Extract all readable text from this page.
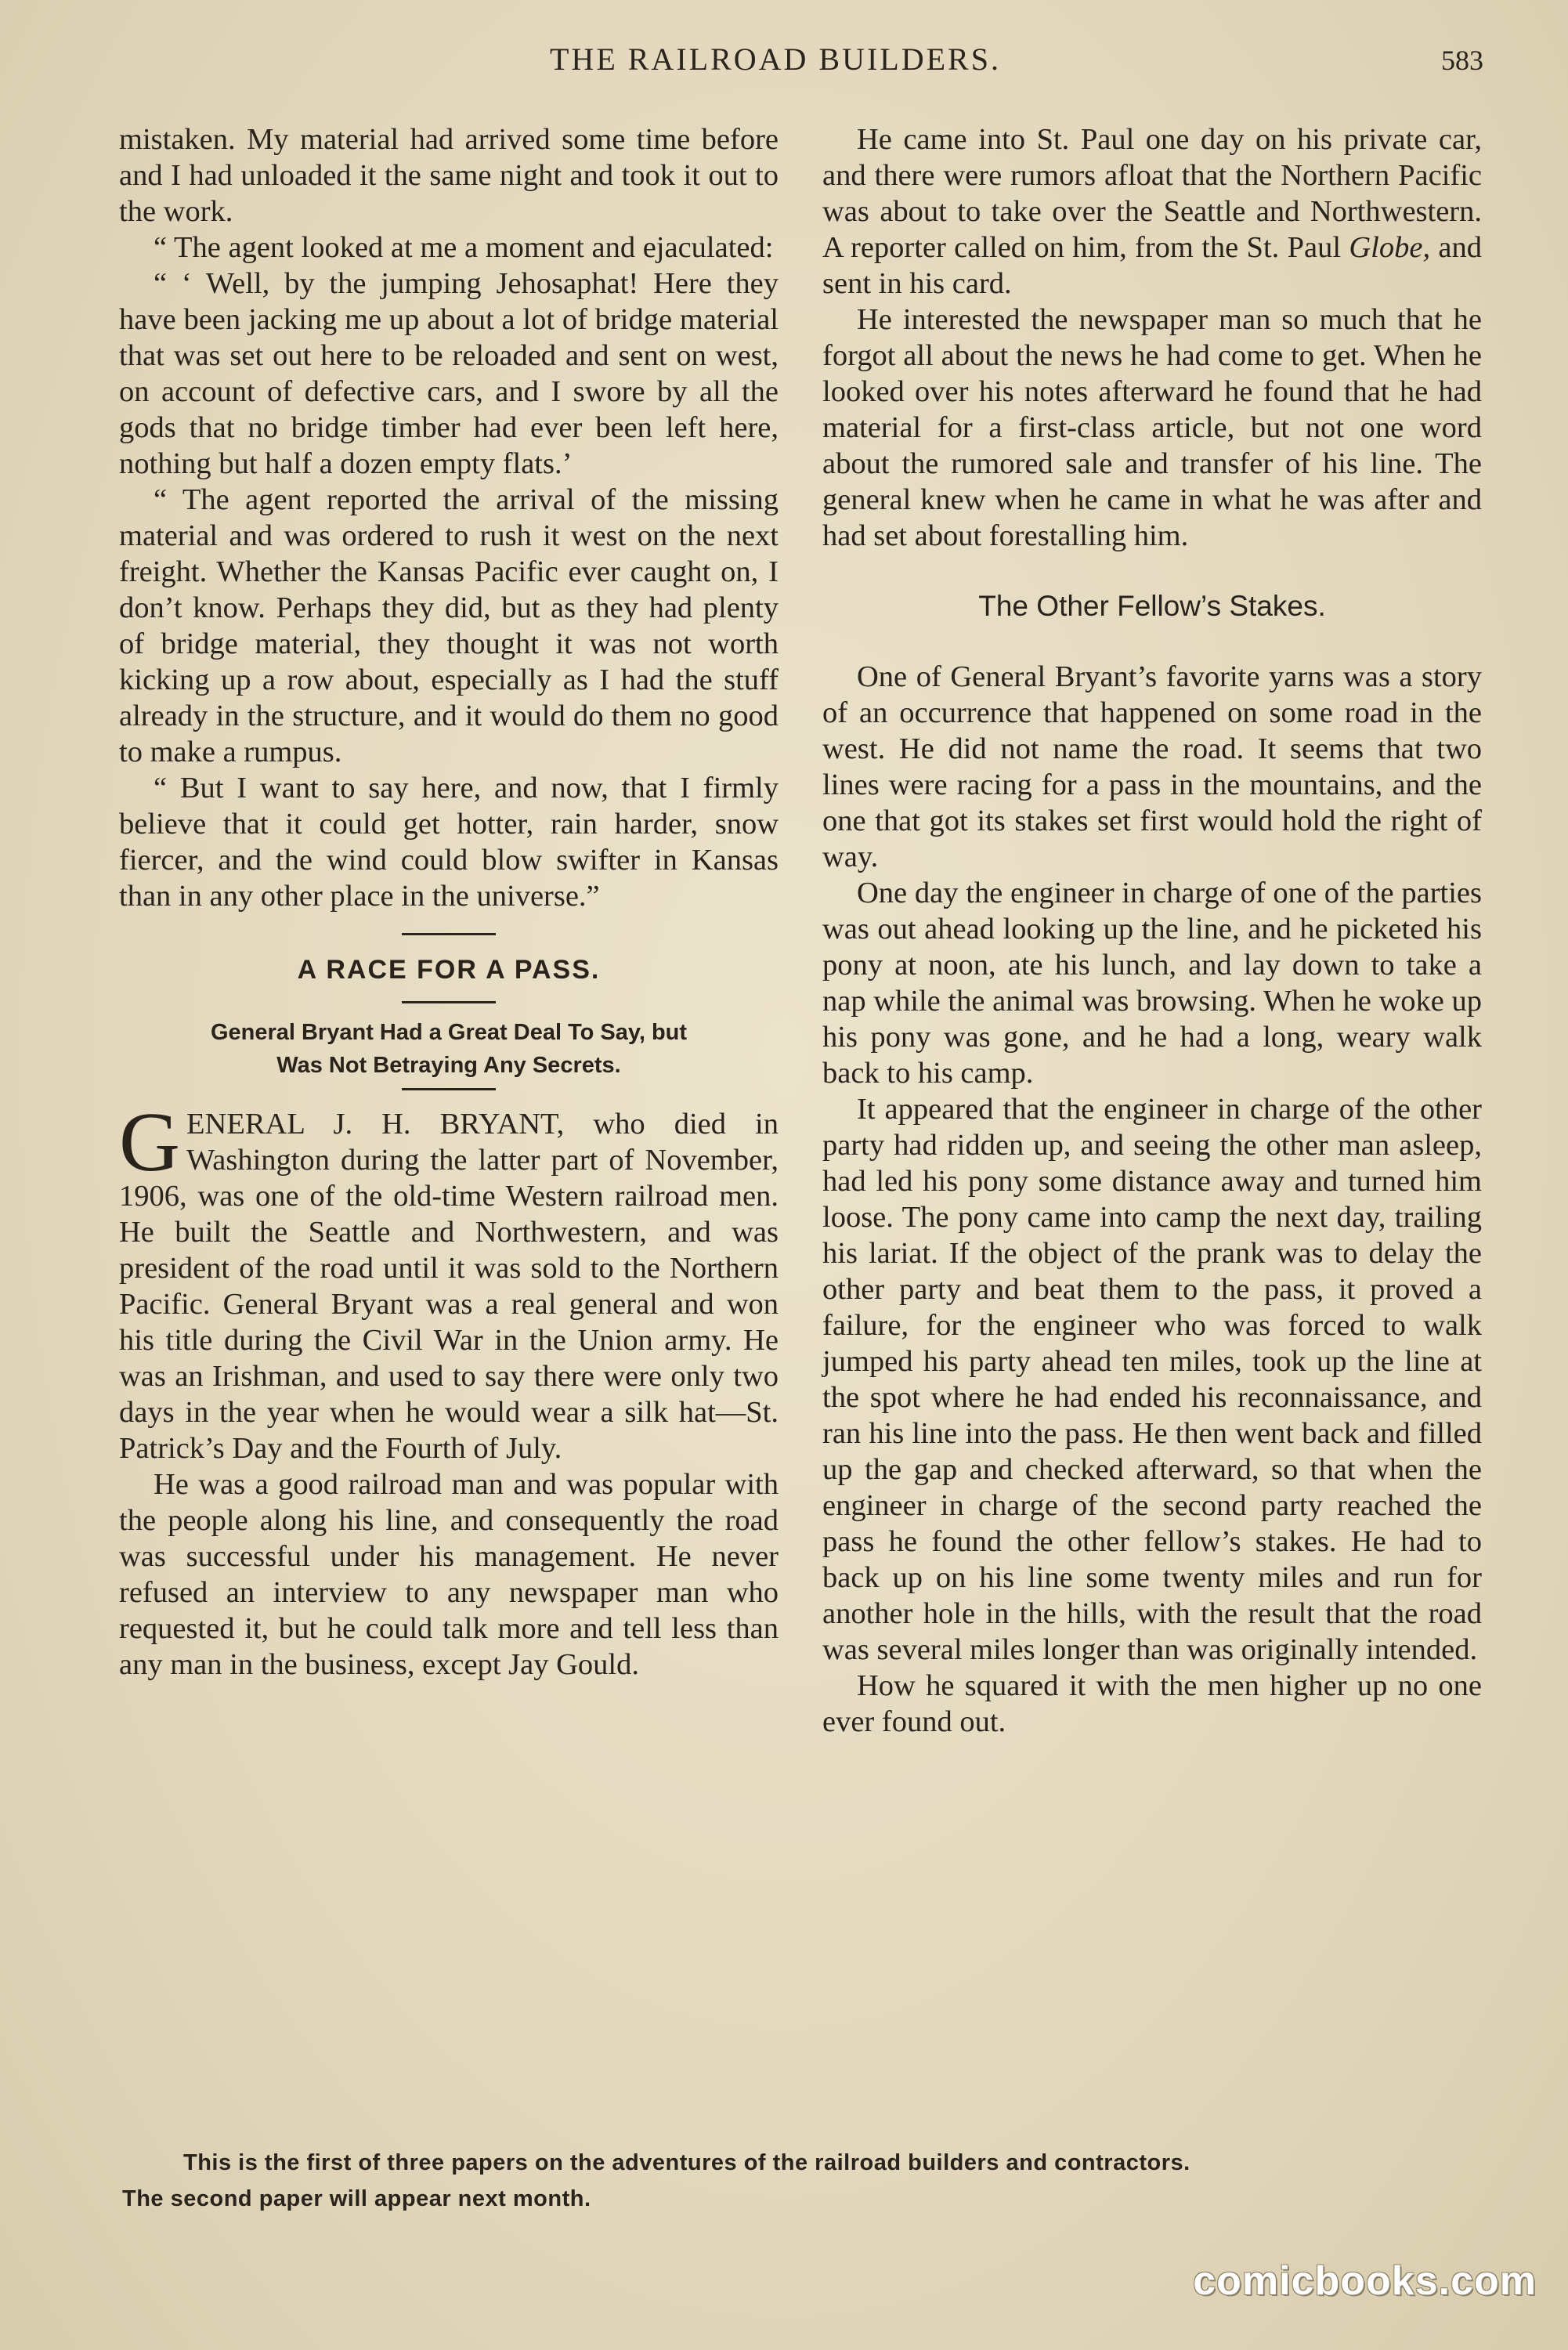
THE RAILROAD BUILDERS.	583

mistaken. My material had arrived some time before and I had unloaded it the same night and took it out to the work.

“ The agent looked at me a moment and ejaculated:

“ ‘ Well, by the jumping Jehosaphat! Here they have been jacking me up about a lot of bridge material that was set out here to be reloaded and sent on west, on account of defective cars, and I swore by all the gods that no bridge timber had ever been left here, nothing but half a dozen empty flats.’

“ The agent reported the arrival of the missing material and was ordered to rush it west on the next freight. Whether the Kansas Pacific ever caught on, I don’t know. Perhaps they did, but as they had plenty of bridge material, they thought it was not worth kicking up a row about, especially as I had the stuff already in the structure, and it would do them no good to make a rumpus.

“ But I want to say here, and now, that I firmly believe that it could get hotter, rain harder, snow fiercer, and the wind could blow swifter in Kansas than in any other place in the universe.”

A RACE FOR A PASS.
General Bryant Had a Great Deal To Say, but
Was Not Betraying Any Secrets.

GENERAL J. H. BRYANT, who died in Washington during the latter part of November, 1906, was one of the old-time Western railroad men. He built the Seattle and Northwestern, and was president of the road until it was sold to the Northern Pacific. General Bryant was a real general and won his title during the Civil War in the Union army. He was an Irishman, and used to say there were only two days in the year when he would wear a silk hat—St. Patrick’s Day and the Fourth of July.

He was a good railroad man and was popular with the people along his line, and consequently the road was successful under his management. He never refused an interview to any newspaper man who requested it, but he could talk more and tell less than any man in the business, except Jay Gould.

He came into St. Paul one day on his private car, and there were rumors afloat that the Northern Pacific was about to take over the Seattle and Northwestern. A reporter called on him, from the St. Paul Globe, and sent in his card.

He interested the newspaper man so much that he forgot all about the news he had come to get. When he looked over his notes afterward he found that he had material for a first-class article, but not one word about the rumored sale and transfer of his line. The general knew when he came in what he was after and had set about forestalling him.

The Other Fellow’s Stakes.

One of General Bryant’s favorite yarns was a story of an occurrence that happened on some road in the west. He did not name the road. It seems that two lines were racing for a pass in the mountains, and the one that got its stakes set first would hold the right of way.

One day the engineer in charge of one of the parties was out ahead looking up the line, and he picketed his pony at noon, ate his lunch, and lay down to take a nap while the animal was browsing. When he woke up his pony was gone, and he had a long, weary walk back to his camp.

It appeared that the engineer in charge of the other party had ridden up, and seeing the other man asleep, had led his pony some distance away and turned him loose. The pony came into camp the next day, trailing his lariat. If the object of the prank was to delay the other party and beat them to the pass, it proved a failure, for the engineer who was forced to walk jumped his party ahead ten miles, took up the line at the spot where he had ended his reconnaissance, and ran his line into the pass. He then went back and filled up the gap and checked afterward, so that when the engineer in charge of the second party reached the pass he found the other fellow’s stakes. He had to back up on his line some twenty miles and run for another hole in the hills, with the result that the road was several miles longer than was originally intended.

How he squared it with the men higher up no one ever found out.

This is the first of three papers on the adventures of the railroad builders and contractors.
The second paper will appear next month.
comicbooks.com
